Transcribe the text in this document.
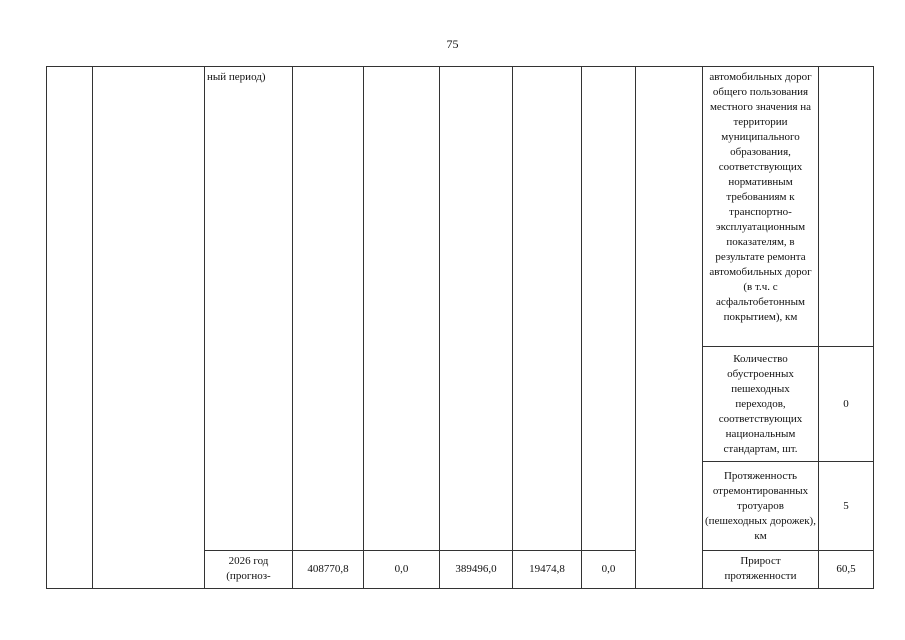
75
		ный период)							автомобильных дорог общего пользования местного значения на территории муниципального образования, соответствующих нормативным требованиям к транспортно-эксплуатационным показателям, в результате ремонта автомобильных дорог (в т.ч. с асфальтобетонным покрытием), км	
									Количество обустроенных пешеходных переходов, соответствующих национальным стандартам, шт.	0
									Протяженность отремонтированных тротуаров (пешеходных дорожек), км	5
		2026 год (прогноз-	408770,8	0,0	389496,0	19474,8	0,0		Прирост протяженности	60,5
